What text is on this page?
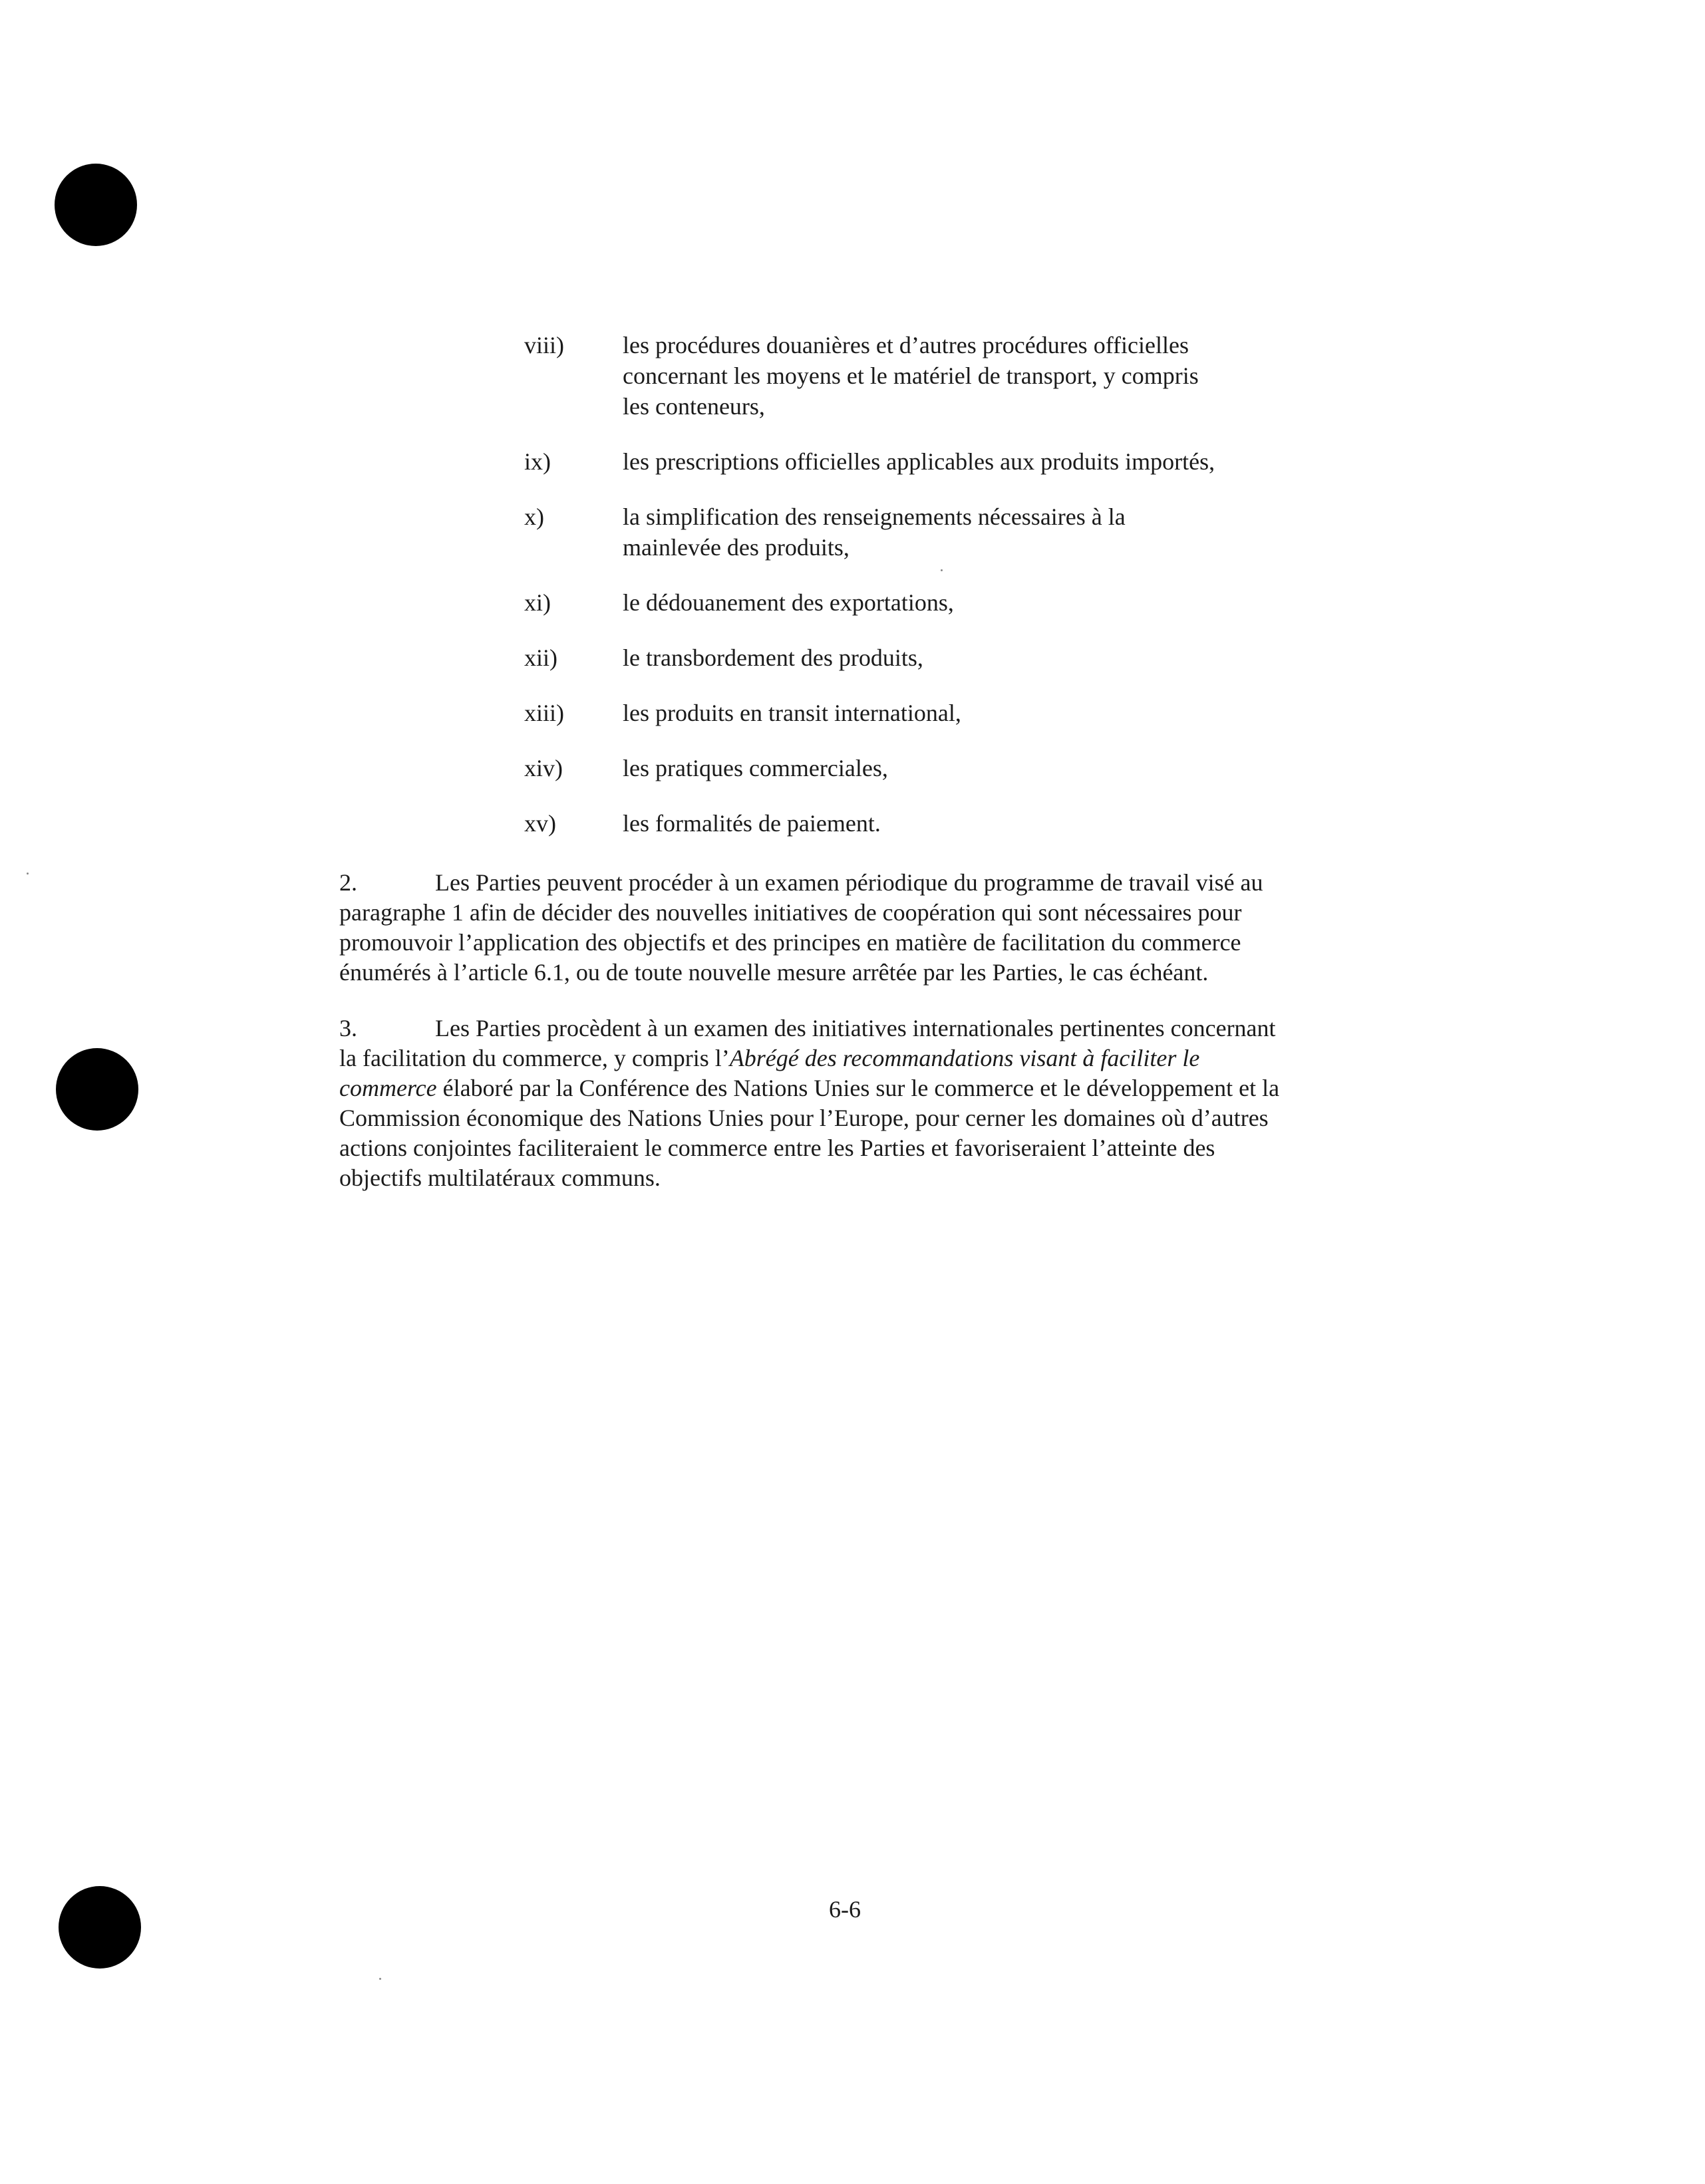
viii) les procédures douanières et d’autres procédures officielles
concernant les moyens et le matériel de transport, y compris
les conteneurs,
ix)	les prescriptions officielles applicables aux produits importés,
x)	la simplification des renseignements nécessaires à la
mainlevée des produits,
xi)	le dédouanement des exportations,
xii)	le transbordement des produits,
xiii) les produits en transit international,
xiv)	les pratiques commerciales,
xv)	les formalités de paiement.
2.	Les Parties peuvent procéder à un examen périodique du programme de travail visé au
paragraphe 1 afin de décider des nouvelles initiatives de coopération qui sont nécessaires pour
promouvoir l’application des objectifs et des principes en matière de facilitation du commerce
énumérés à l’article 6.1, ou de toute nouvelle mesure arrêtée par les Parties, le cas échéant.
3.	Les Parties procèdent à un examen des initiatives internationales pertinentes concernant
la facilitation du commerce, y compris l’Abrégé des recommandations visant à faciliter le
commerce élaboré par la Conférence des Nations Unies sur le commerce et le développement et la
Commission économique des Nations Unies pour l’Europe, pour cerner les domaines où d’autres
actions conjointes faciliteraient le commerce entre les Parties et favoriseraient l’atteinte des
objectifs multilatéraux communs.
6-6
